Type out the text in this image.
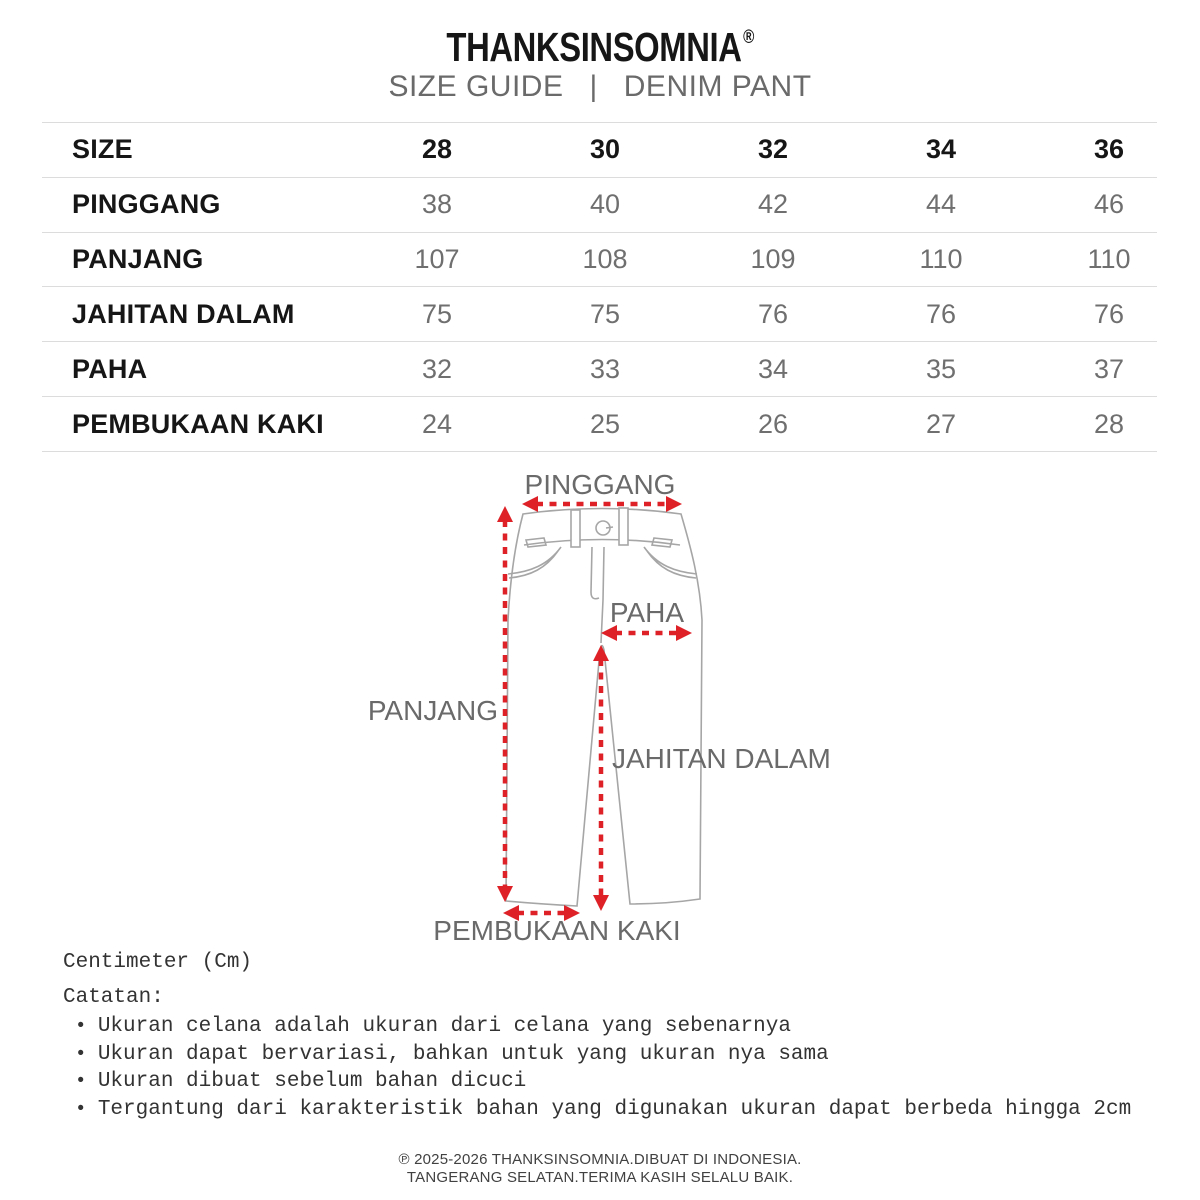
THANKSINSOMNIA®
SIZE GUIDE | DENIM PANT
SIZE	28	30	32	34	36
PINGGANG	38	40	42	44	46
PANJANG	107	108	109	110	110
JAHITAN DALAM	75	75	76	76	76
PAHA	32	33	34	35	37
PEMBUKAAN KAKI	24	25	26	27	28
PINGGANG
PANJANG
PAHA
JAHITAN DALAM
PEMBUKAAN KAKI
Centimeter (Cm)
Catatan:
• Ukuran celana adalah ukuran dari celana yang sebenarnya
• Ukuran dapat bervariasi, bahkan untuk yang ukuran nya sama
• Ukuran dibuat sebelum bahan dicuci
• Tergantung dari karakteristik bahan yang digunakan ukuran dapat berbeda hingga 2cm
℗ 2025-2026 THANKSINSOMNIA.DIBUAT DI INDONESIA.
TANGERANG SELATAN.TERIMA KASIH SELALU BAIK.
